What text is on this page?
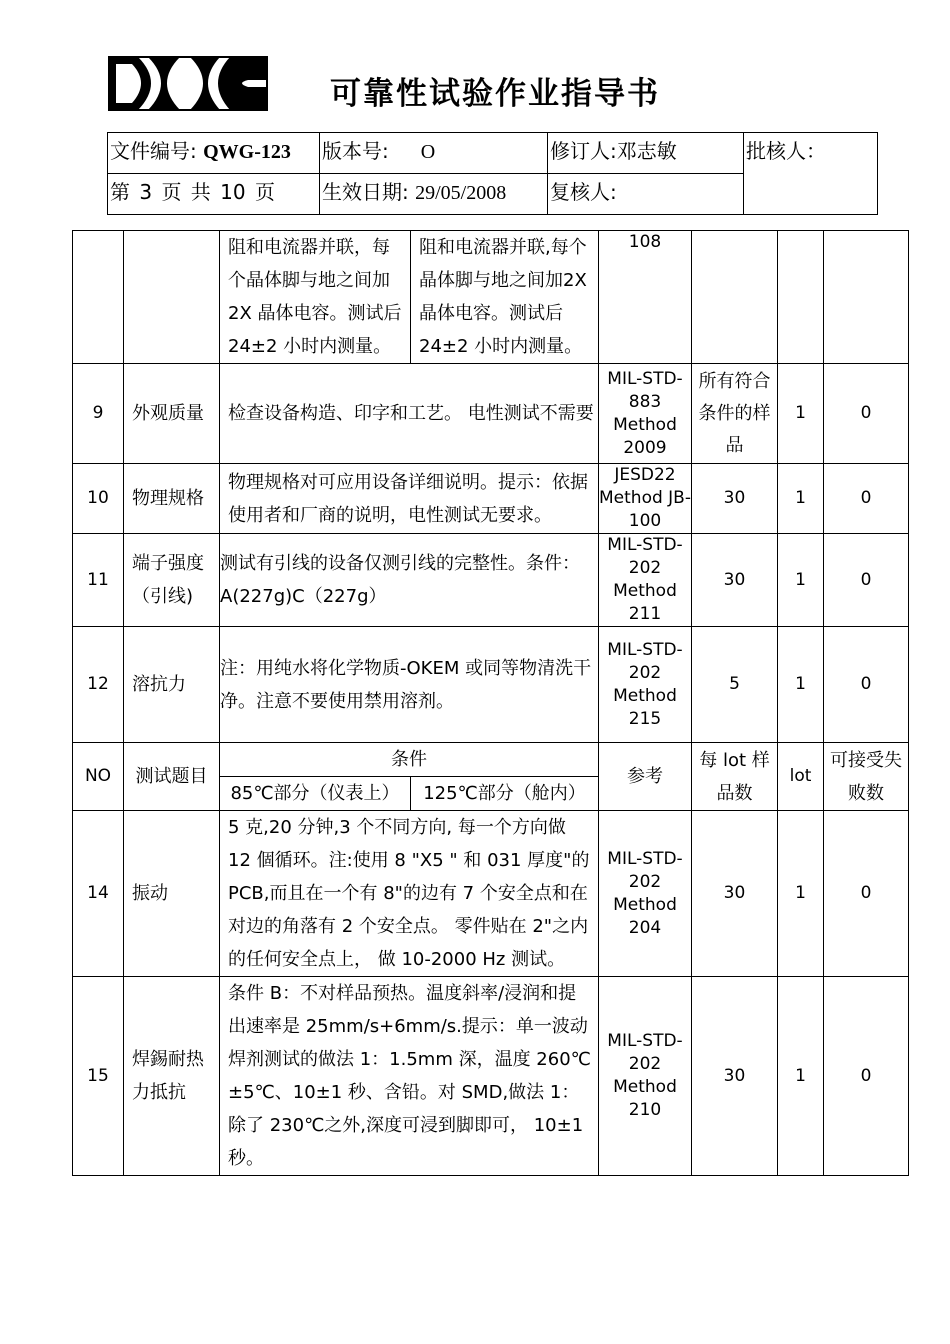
可靠性试验作业指导书
文件编号: QWG-123	版本号: O	修订人:邓志敏	批核人：
第 3 页 共 10 页	生效日期: 29/05/2008	复核人:	
		阻和电流器并联，每个晶体脚与地之间加2X 晶体电容。测试后24±2 小时内测量。	阻和电流器并联,每个晶体脚与地之间加2X 晶体电容。测试后24±2 小时内测量。	108			
9	外观质量	检查设备构造、印字和工艺。 电性测试不需要		MIL-STD-883 Method 2009	所有符合条件的样品	1	0
10	物理规格	物理规格对可应用设备详细说明。提示：依据使用者和厂商的说明，电性测试无要求。		JESD22 Method JB-100	30	1	0
11	端子强度（引线)	测试有引线的设备仅测引线的完整性。条件：A(227g)C（227g）		MIL-STD-202 Method 211	30	1	0
12	溶抗力	注：用纯水将化学物质-OKEM 或同等物清洗干净。注意不要使用禁用溶剂。		MIL-STD-202 Method 215	5	1	0
NO	测试题目	条件		参考	每 lot 样品数	lot	可接受失败数
		85℃部分（仪表上）	125℃部分（舱内）				
14	振动	5 克,20 分钟,3 个不同方向, 每一个方向做 12 個循环。注:使用 8 "X5 " 和 031 厚度"的 PCB,而且在一个有 8"的边有 7 个安全点和在对边的角落有 2 个安全点。 零件贴在 2"之内的任何安全点上， 做 10-2000 Hz 测试。		MIL-STD-202 Method 204	30	1	0
15	焊錫耐热力抵抗	条件 B：不对样品预热。温度斜率/浸润和提出速率是 25mm/s+6mm/s.提示：单一波动焊剂测试的做法 1：1.5mm 深，温度 260℃±5℃、10±1 秒、含铅。对 SMD,做法 1：除了 230℃之外,深度可浸到脚即可， 10±1 秒。		MIL-STD-202 Method 210	30	1	0
